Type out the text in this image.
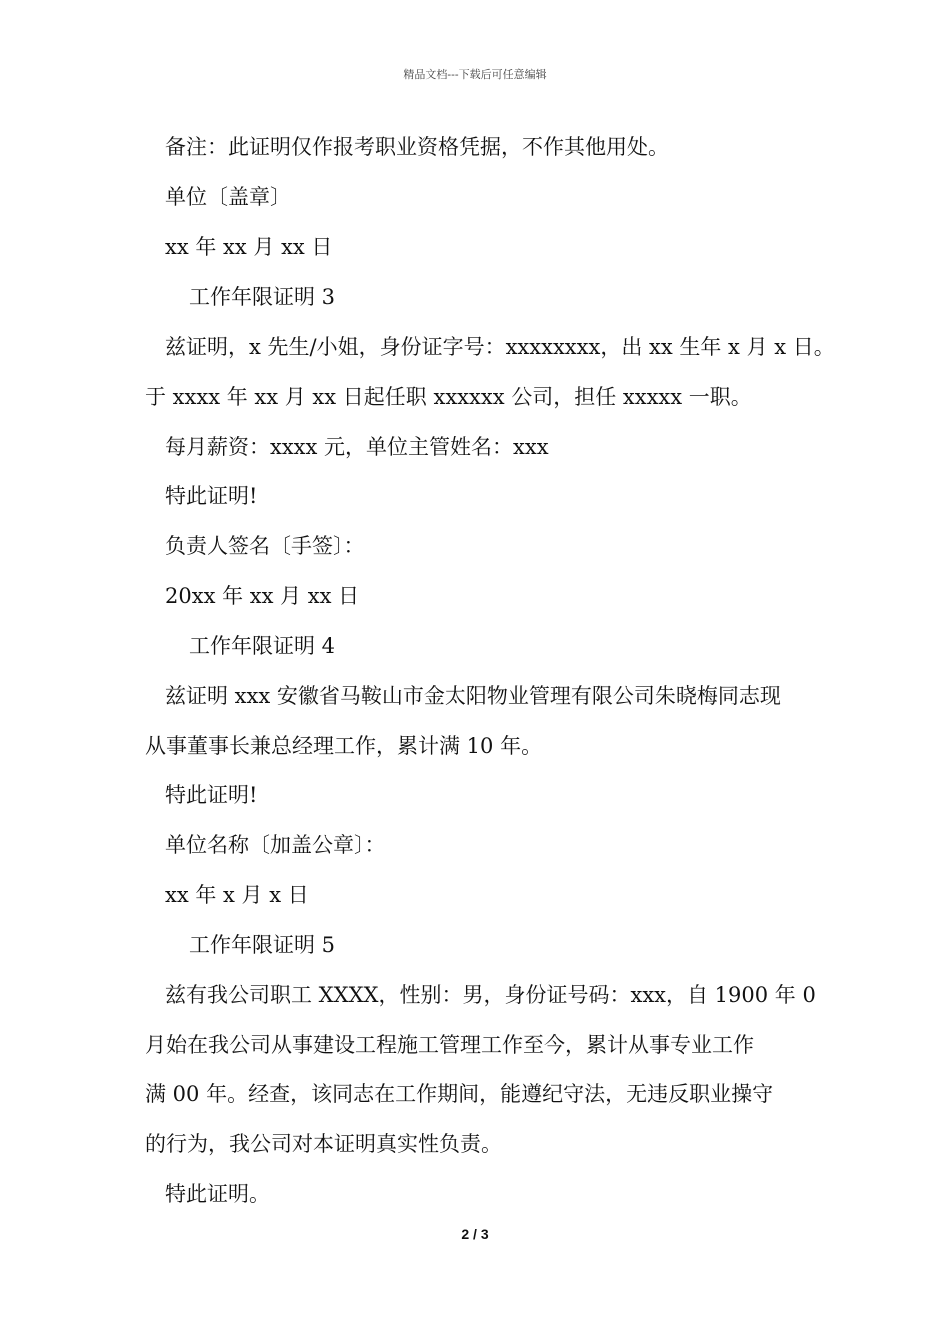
精品文档---下载后可任意编辑

备注：此证明仅作报考职业资格凭据，不作其他用处。

单位〔盖章〕

xx 年 xx 月 xx 日

工作年限证明 3

兹证明，x 先生/小姐，身份证字号：xxxxxxxx，出 xx 生年 x 月 x 日。

于 xxxx 年 xx 月 xx 日起任职 xxxxxx 公司，担任 xxxxx 一职。

每月薪资：xxxx 元，单位主管姓名：xxx

特此证明!

负责人签名〔手签〕：

20xx 年 xx 月 xx 日

工作年限证明 4

兹证明 xxx 安徽省马鞍山市金太阳物业管理有限公司朱晓梅同志现

从事董事长兼总经理工作，累计满 10 年。

特此证明!

单位名称〔加盖公章〕：

xx 年 x 月 x 日

工作年限证明 5

兹有我公司职工 XXXX，性别：男，身份证号码：xxx，自 1900 年 0

月始在我公司从事建设工程施工管理工作至今，累计从事专业工作

满 00 年。经查，该同志在工作期间，能遵纪守法，无违反职业操守

的行为，我公司对本证明真实性负责。

特此证明。

2 / 3
